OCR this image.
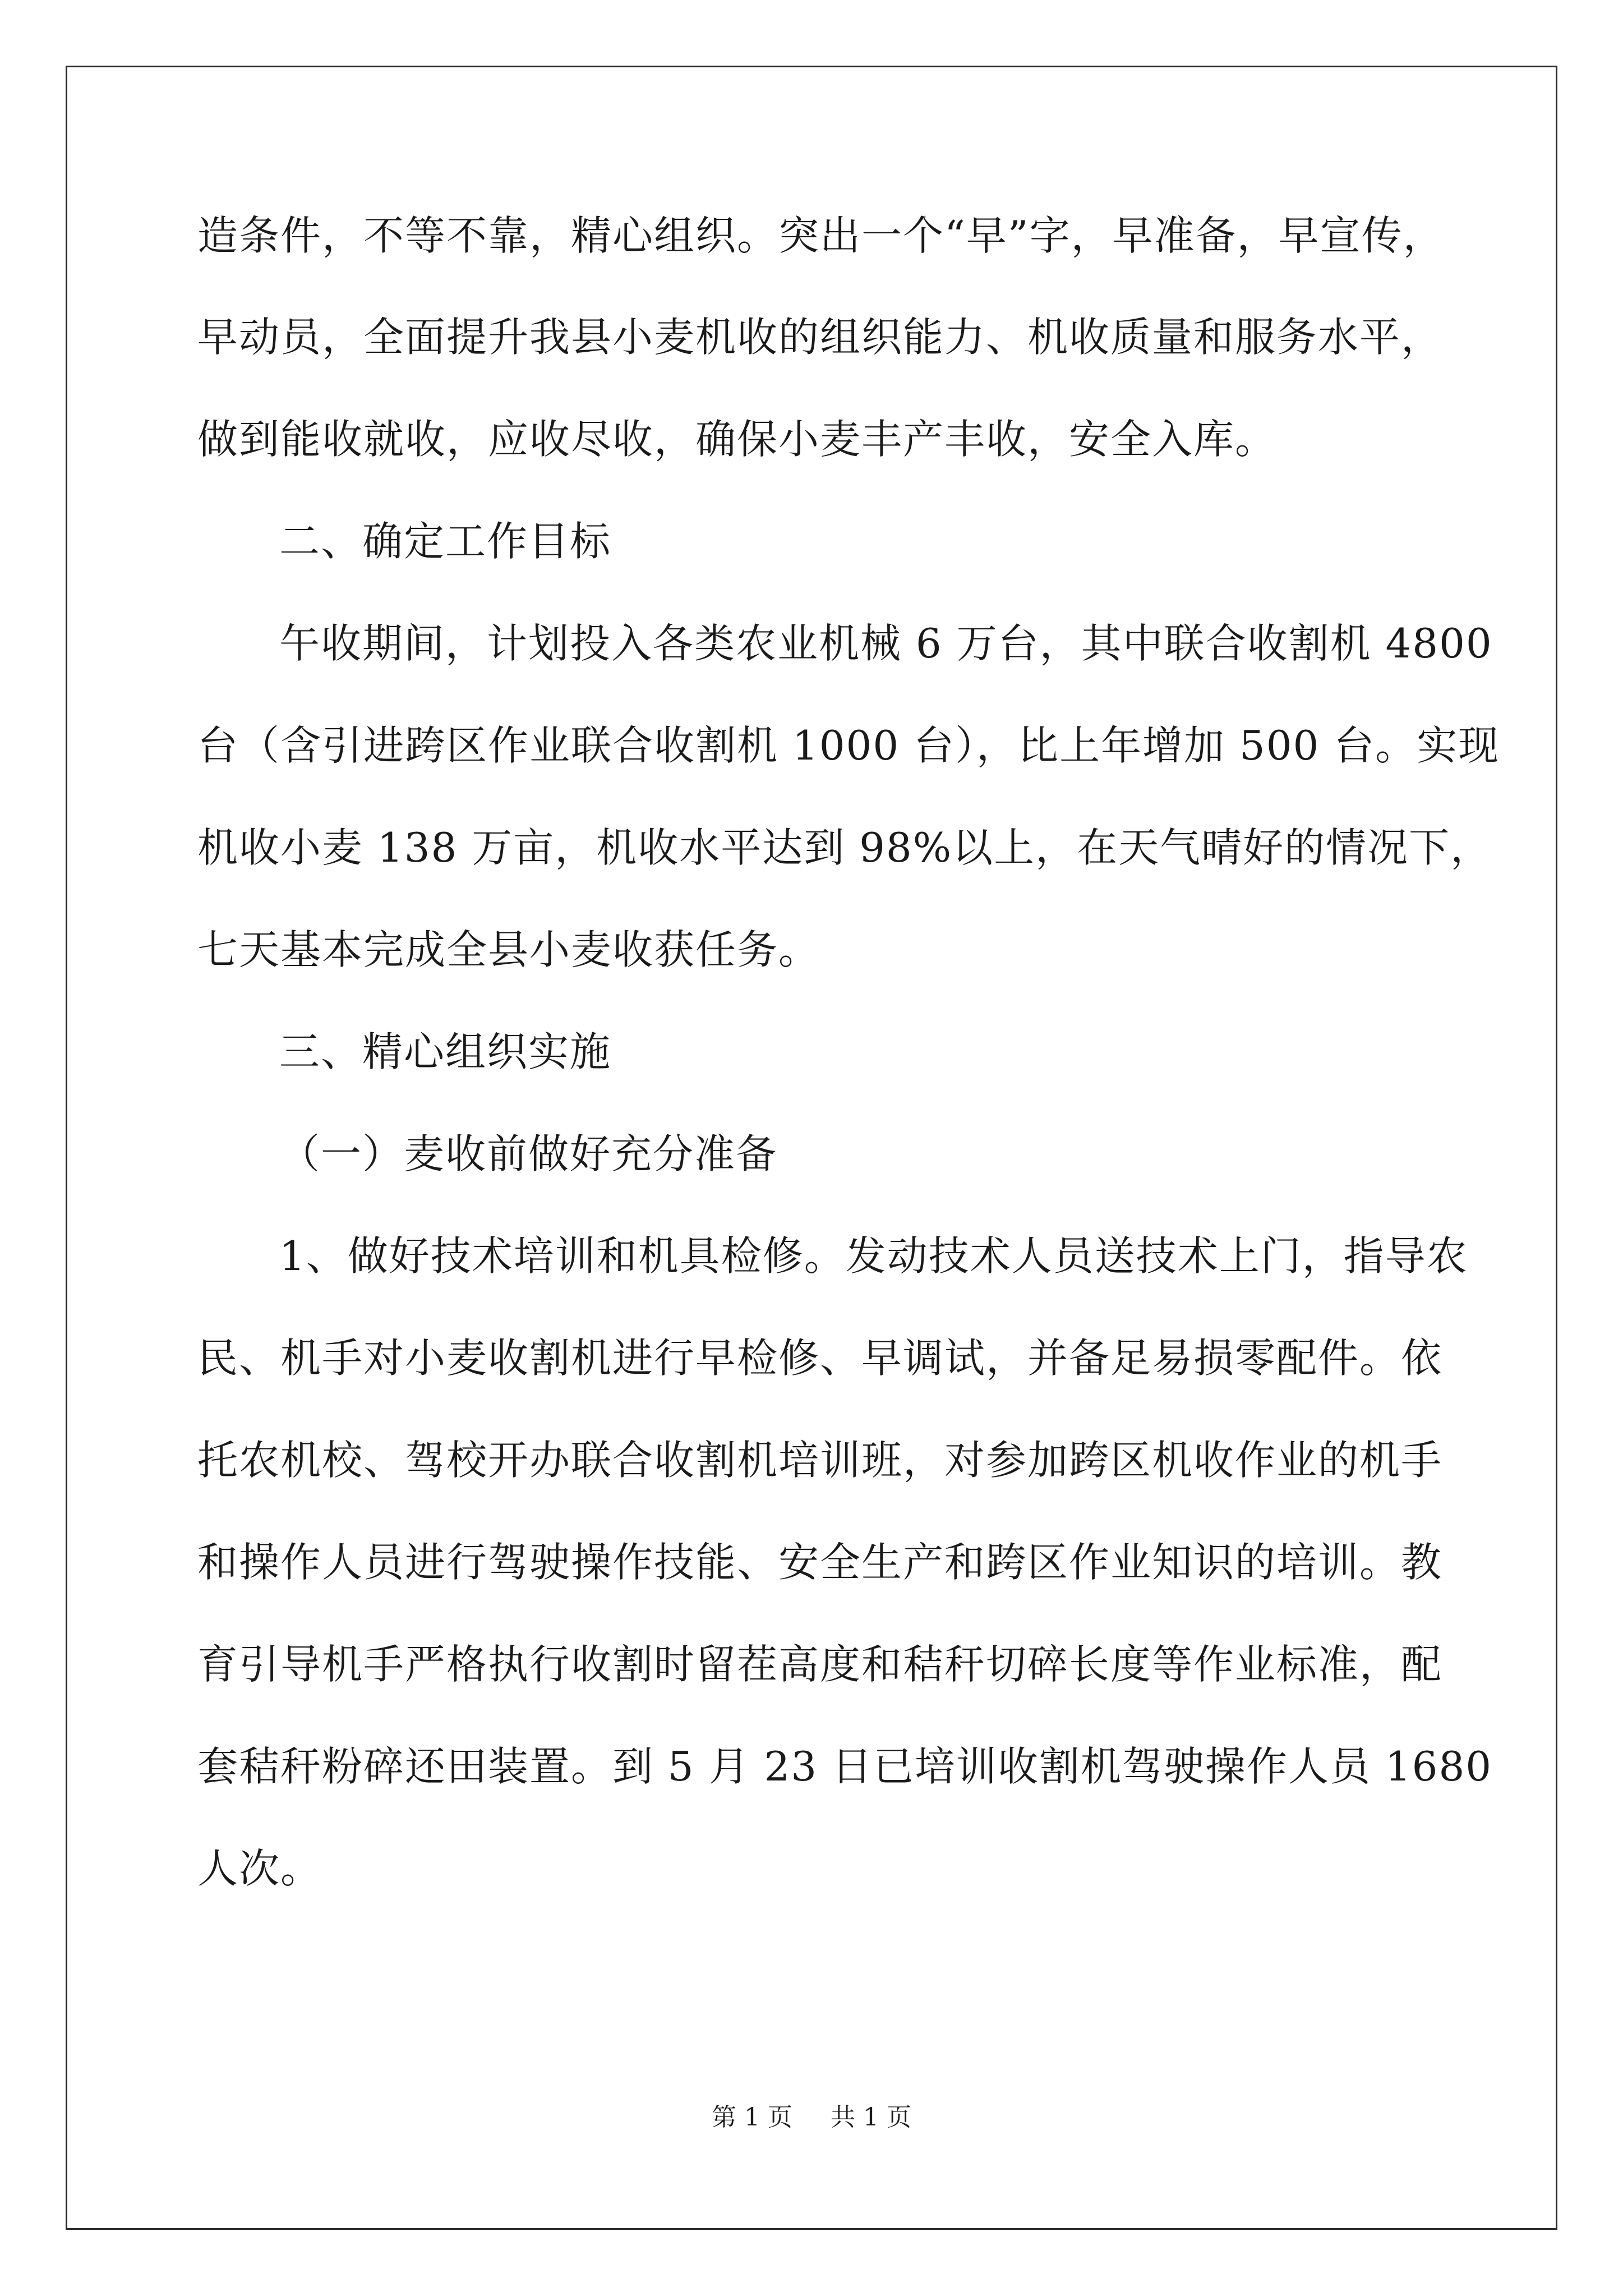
造条件，不等不靠，精心组织。突出一个“早”字，早准备，早宣传，
早动员，全面提升我县小麦机收的组织能力、机收质量和服务水平，
做到能收就收，应收尽收，确保小麦丰产丰收，安全入库。
二、确定工作目标
午收期间，计划投入各类农业机械 6 万台，其中联合收割机 4800
台（含引进跨区作业联合收割机 1000 台），比上年增加 500 台。实现
机收小麦 138 万亩，机收水平达到 98%以上，在天气晴好的情况下，
七天基本完成全县小麦收获任务。
三、精心组织实施
（一）麦收前做好充分准备
1、做好技术培训和机具检修。发动技术人员送技术上门，指导农
民、机手对小麦收割机进行早检修、早调试，并备足易损零配件。依
托农机校、驾校开办联合收割机培训班，对参加跨区机收作业的机手
和操作人员进行驾驶操作技能、安全生产和跨区作业知识的培训。教
育引导机手严格执行收割时留茬高度和秸秆切碎长度等作业标准，配
套秸秆粉碎还田装置。到 5 月 23 日已培训收割机驾驶操作人员 1680
人次。
第 1 页 共 1 页
